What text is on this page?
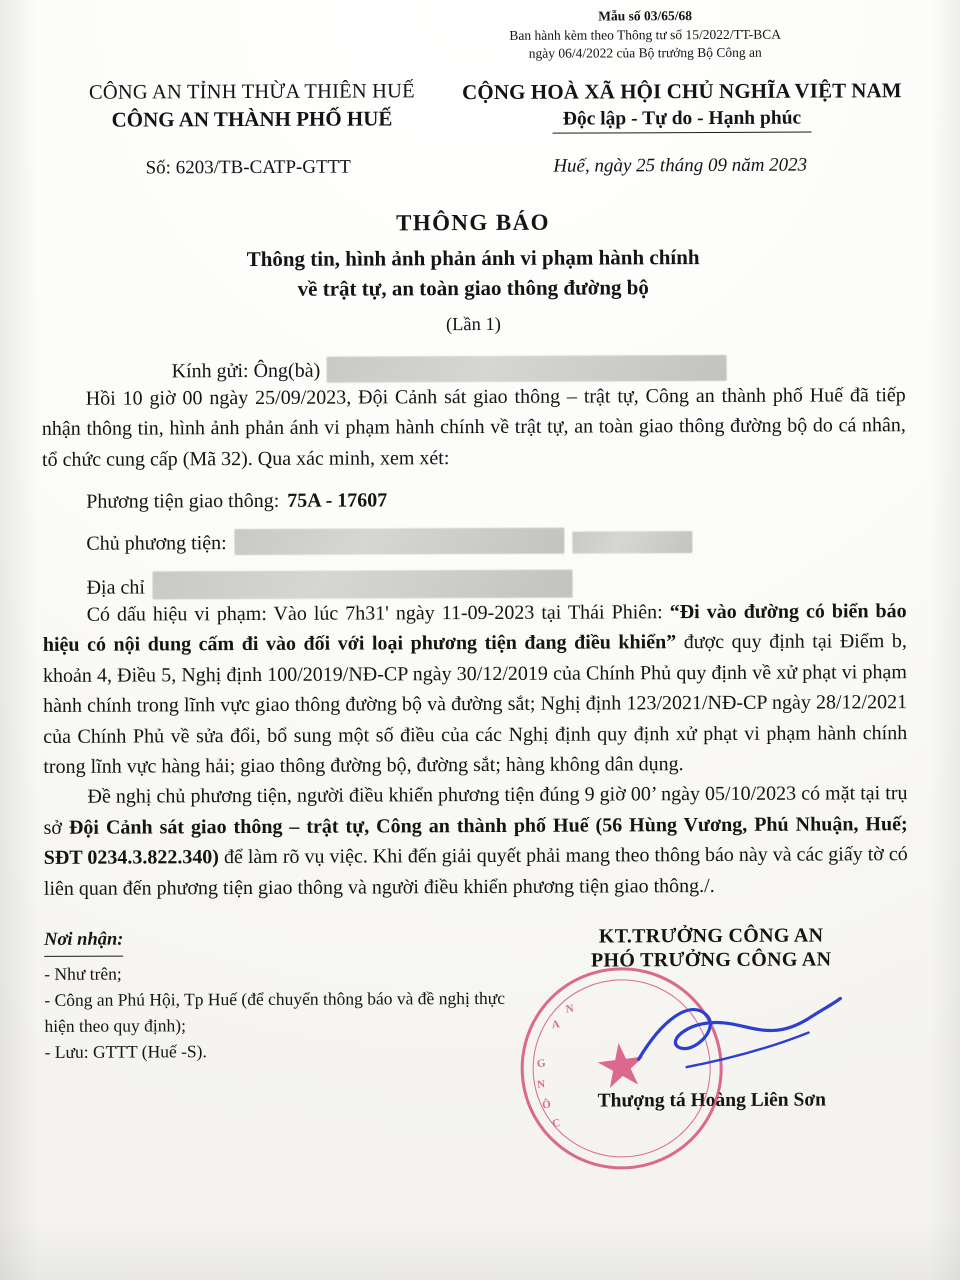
Mẫu số 03/65/68
Ban hành kèm theo Thông tư số 15/2022/TT-BCA
ngày 06/4/2022 của Bộ trưởng Bộ Công an
CÔNG AN TỈNH THỪA THIÊN HUẾ
CÔNG AN THÀNH PHỐ HUẾ
CỘNG HOÀ XÃ HỘI CHỦ NGHĨA VIỆT NAM
Độc lập - Tự do - Hạnh phúc
Số: 6203/TB-CATP-GTTT	Huế, ngày 25 tháng 09 năm 2023
THÔNG BÁO
Thông tin, hình ảnh phản ánh vi phạm hành chính
về trật tự, an toàn giao thông đường bộ
(Lần 1)
Kính gửi: Ông(bà)

Hồi 10 giờ 00 ngày 25/09/2023, Đội Cảnh sát giao thông – trật tự, Công an thành phố Huế đã tiếp nhận thông tin, hình ảnh phản ánh vi phạm hành chính về trật tự, an toàn giao thông đường bộ do cá nhân, tổ chức cung cấp (Mã 32). Qua xác minh, xem xét:

Phương tiện giao thông: 75A - 17607
Chủ phương tiện:
Địa chỉ

Có dấu hiệu vi phạm: Vào lúc 7h31' ngày 11-09-2023 tại Thái Phiên: “Đi vào đường có biển báo hiệu có nội dung cấm đi vào đối với loại phương tiện đang điều khiển” được quy định tại Điểm b, khoản 4, Điều 5, Nghị định 100/2019/NĐ-CP ngày 30/12/2019 của Chính Phủ quy định về xử phạt vi phạm hành chính trong lĩnh vực giao thông đường bộ và đường sắt; Nghị định 123/2021/NĐ-CP ngày 28/12/2021 của Chính Phủ về sửa đổi, bổ sung một số điều của các Nghị định quy định xử phạt vi phạm hành chính trong lĩnh vực hàng hải; giao thông đường bộ, đường sắt; hàng không dân dụng.

Đề nghị chủ phương tiện, người điều khiển phương tiện đúng 9 giờ 00’ ngày 05/10/2023 có mặt tại trụ sở Đội Cảnh sát giao thông – trật tự, Công an thành phố Huế (56 Hùng Vương, Phú Nhuận, Huế; SĐT 0234.3.822.340) để làm rõ vụ việc. Khi đến giải quyết phải mang theo thông báo này và các giấy tờ có liên quan đến phương tiện giao thông và người điều khiển phương tiện giao thông./.

Nơi nhận:
- Như trên;
- Công an Phú Hội, Tp Huế (để chuyển thông báo và đề nghị thực hiện theo quy định);
- Lưu: GTTT (Huế -S).
KT.TRƯỞNG CÔNG AN
PHÓ TRƯỞNG CÔNG AN
★
C
Ô
N
G

A
N
Thượng tá Hoàng Liên Sơn
